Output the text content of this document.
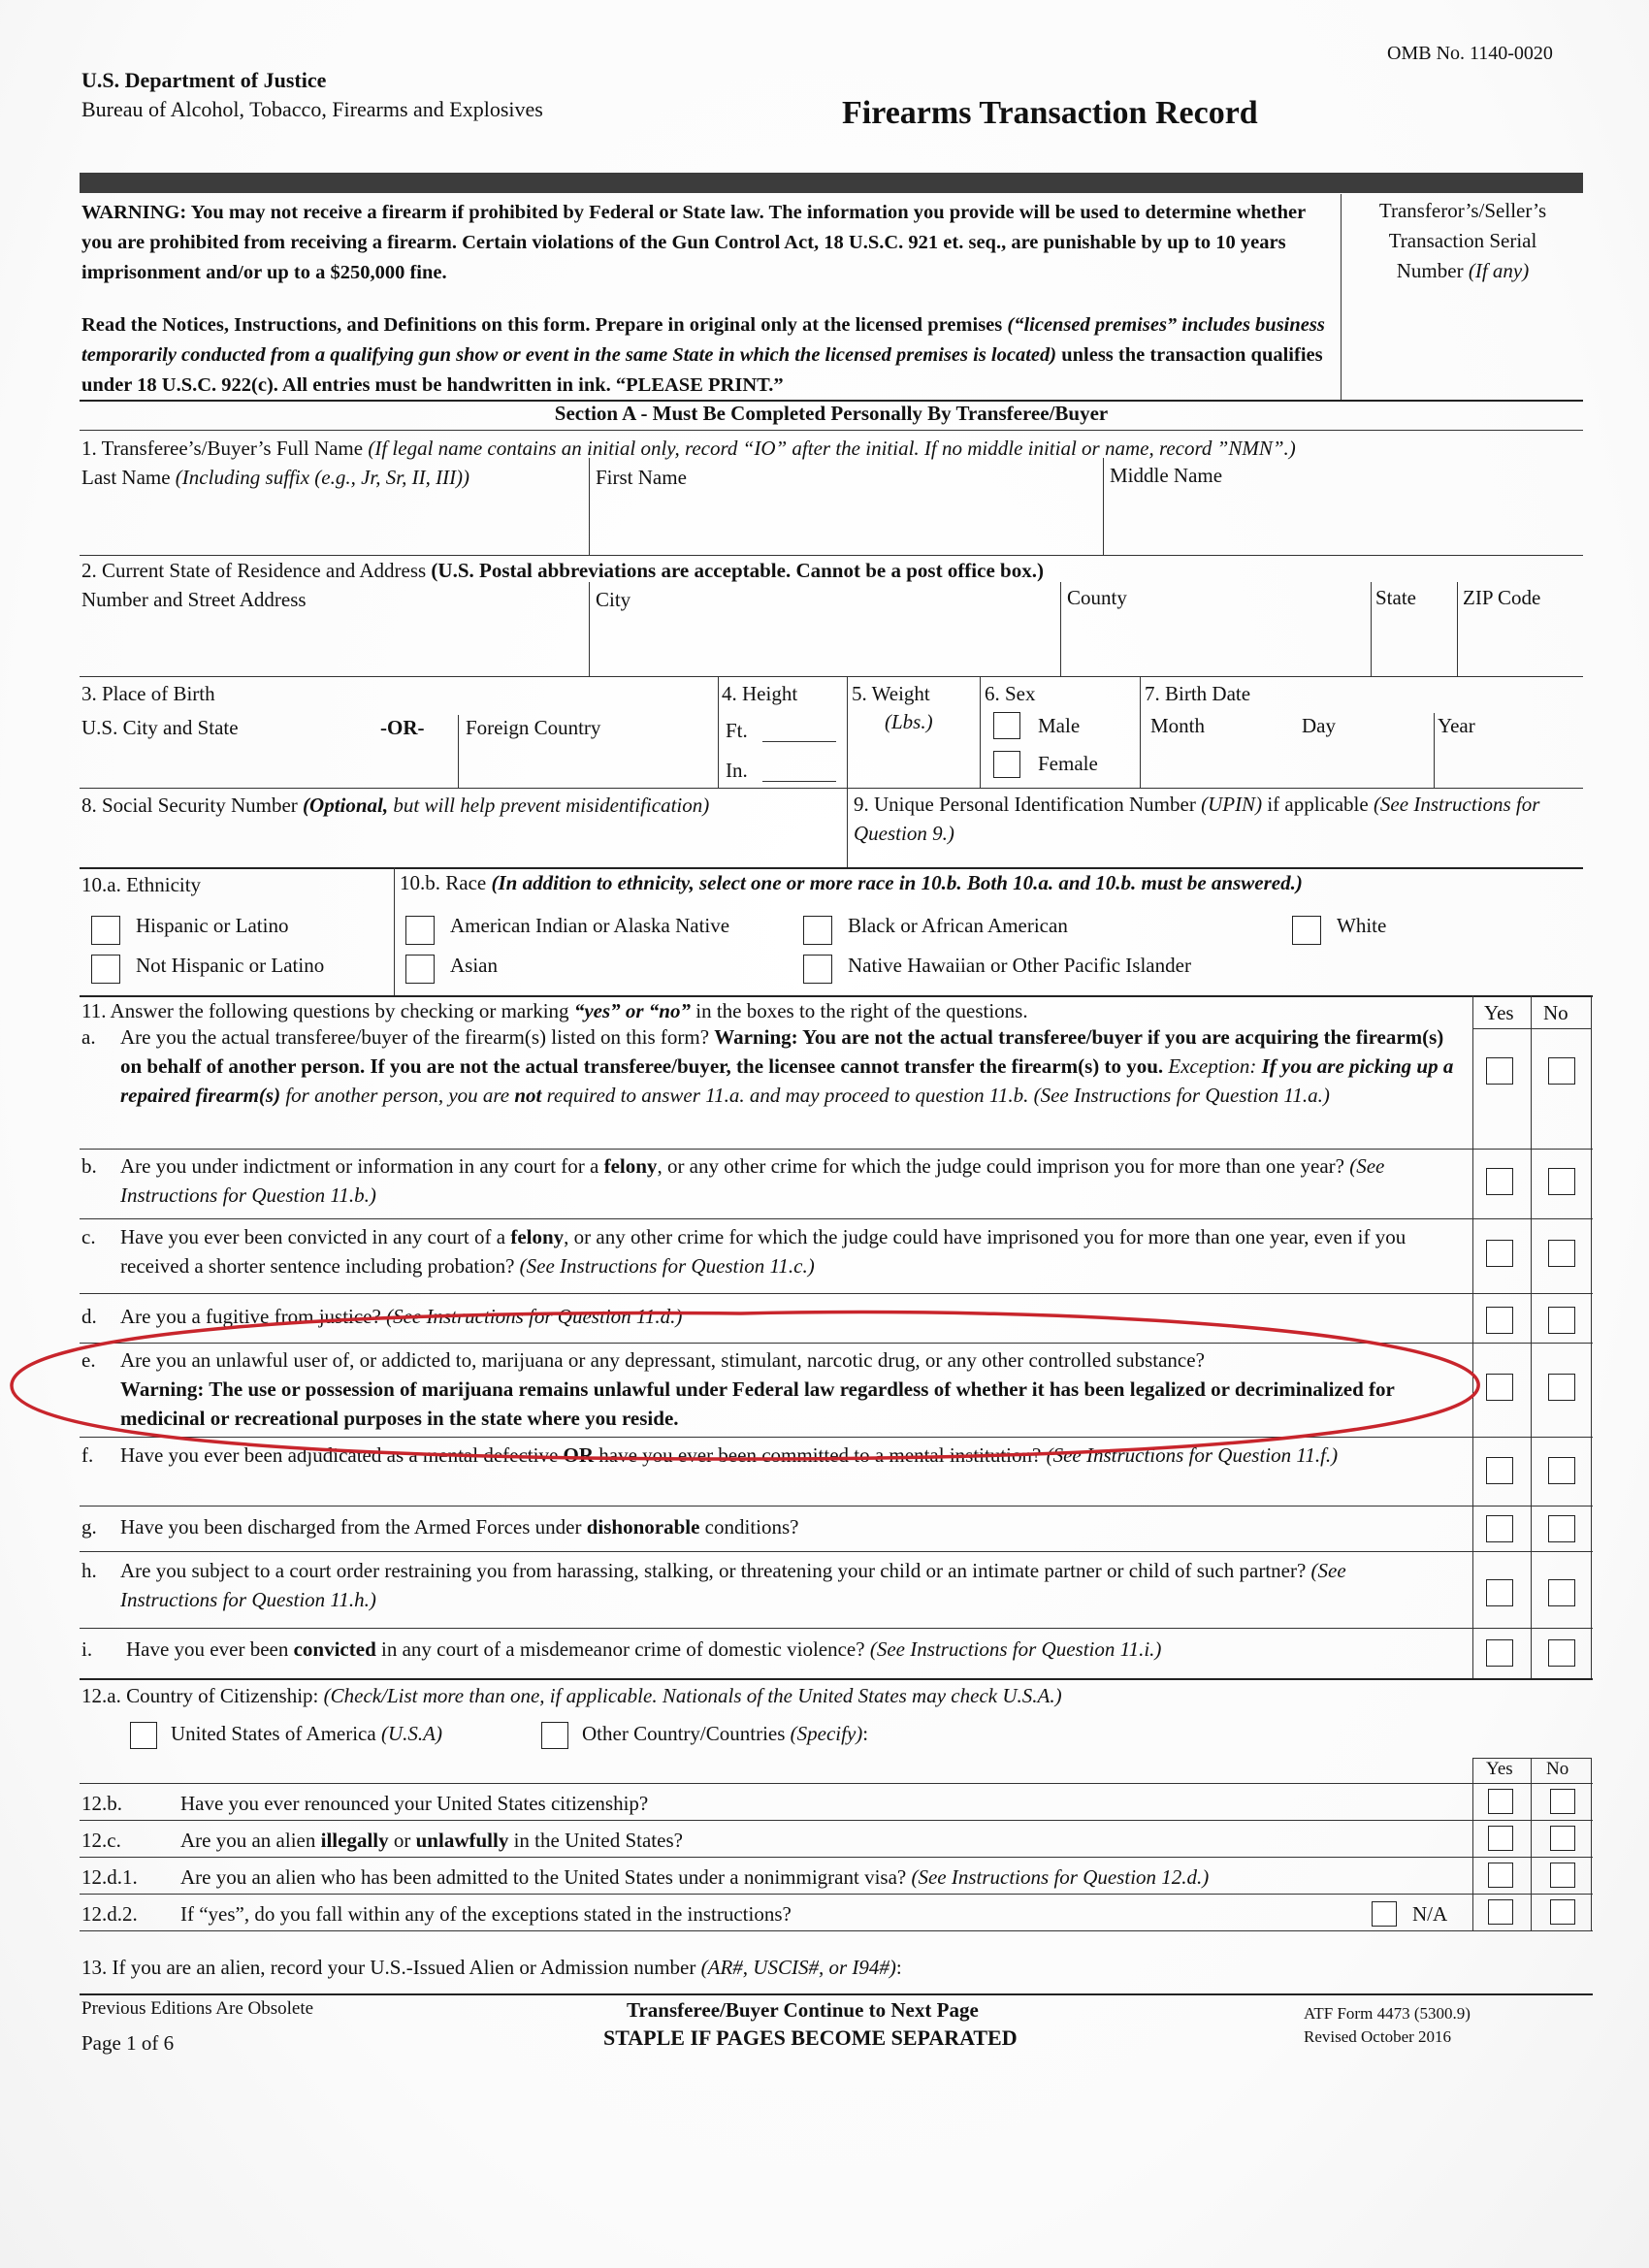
U.S. Department of Justice
Bureau of Alcohol, Tobacco, Firearms and Explosives
OMB No. 1140-0020
Firearms Transaction Record
WARNING: You may not receive a firearm if prohibited by Federal or State law. The information you provide will be used to determine whether you are prohibited from receiving a firearm. Certain violations of the Gun Control Act, 18 U.S.C. 921 et. seq., are punishable by up to 10 years imprisonment and/or up to a $250,000 fine.
Read the Notices, Instructions, and Definitions on this form. Prepare in original only at the licensed premises (“licensed premises” includes business temporarily conducted from a qualifying gun show or event in the same State in which the licensed premises is located) unless the transaction qualifies under 18 U.S.C. 922(c). All entries must be handwritten in ink. “PLEASE PRINT.”
Transferor’s/Seller’s
Transaction Serial
Number (If any)
Section A - Must Be Completed Personally By Transferee/Buyer
1. Transferee’s/Buyer’s Full Name (If legal name contains an initial only, record “IO” after the initial. If no middle initial or name, record ”NMN”.)
Last Name (Including suffix (e.g., Jr, Sr, II, III))	First Name	Middle Name
2. Current State of Residence and Address (U.S. Postal abbreviations are acceptable. Cannot be a post office box.)
Number and Street Address	City	County	State ZIP Code
3. Place of Birth
U.S. City and State	-OR- Foreign Country
4. Height
Ft.
In.
5. Weight
(Lbs.)
6. Sex
Male
Female
7. Birth Date
Month	Day	Year
8. Social Security Number (Optional, but will help prevent misidentification)	9. Unique Personal Identification Number (UPIN) if applicable (See Instructions for Question 9.)
10.a. Ethnicity
Hispanic or Latino
Not Hispanic or Latino
10.b. Race (In addition to ethnicity, select one or more race in 10.b. Both 10.a. and 10.b. must be answered.)
American Indian or Alaska Native	Black or African American	White
Asian	Native Hawaiian or Other Pacific Islander
11. Answer the following questions by checking or marking “yes” or “no” in the boxes to the right of the questions.	Yes No
a. Are you the actual transferee/buyer of the firearm(s) listed on this form? Warning: You are not the actual transferee/buyer if you are acquiring the firearm(s) on behalf of another person. If you are not the actual transferee/buyer, the licensee cannot transfer the firearm(s) to you. Exception: If you are picking up a repaired firearm(s) for another person, you are not required to answer 11.a. and may proceed to question 11.b. (See Instructions for Question 11.a.)
b. Are you under indictment or information in any court for a felony, or any other crime for which the judge could imprison you for more than one year? (See Instructions for Question 11.b.)
c. Have you ever been convicted in any court of a felony, or any other crime for which the judge could have imprisoned you for more than one year, even if you received a shorter sentence including probation? (See Instructions for Question 11.c.)
d. Are you a fugitive from justice? (See Instructions for Question 11.d.)
e. Are you an unlawful user of, or addicted to, marijuana or any depressant, stimulant, narcotic drug, or any other controlled substance?
Warning: The use or possession of marijuana remains unlawful under Federal law regardless of whether it has been legalized or decriminalized for medicinal or recreational purposes in the state where you reside.
f. Have you ever been adjudicated as a mental defective OR have you ever been committed to a mental institution? (See Instructions for Question 11.f.)
g. Have you been discharged from the Armed Forces under dishonorable conditions?
h. Are you subject to a court order restraining you from harassing, stalking, or threatening your child or an intimate partner or child of such partner? (See Instructions for Question 11.h.)
i. Have you ever been convicted in any court of a misdemeanor crime of domestic violence? (See Instructions for Question 11.i.)
12.a. Country of Citizenship: (Check/List more than one, if applicable. Nationals of the United States may check U.S.A.)
United States of America (U.S.A)	Other Country/Countries (Specify):
Yes No
12.b.	Have you ever renounced your United States citizenship?
12.c.	Are you an alien illegally or unlawfully in the United States?
12.d.1. Are you an alien who has been admitted to the United States under a nonimmigrant visa? (See Instructions for Question 12.d.)
12.d.2. If “yes”, do you fall within any of the exceptions stated in the instructions?	N/A
13. If you are an alien, record your U.S.-Issued Alien or Admission number (AR#, USCIS#, or I94#):
Previous Editions Are Obsolete
Page 1 of 6
Transferee/Buyer Continue to Next Page
STAPLE IF PAGES BECOME SEPARATED
ATF Form 4473 (5300.9)
Revised October 2016
